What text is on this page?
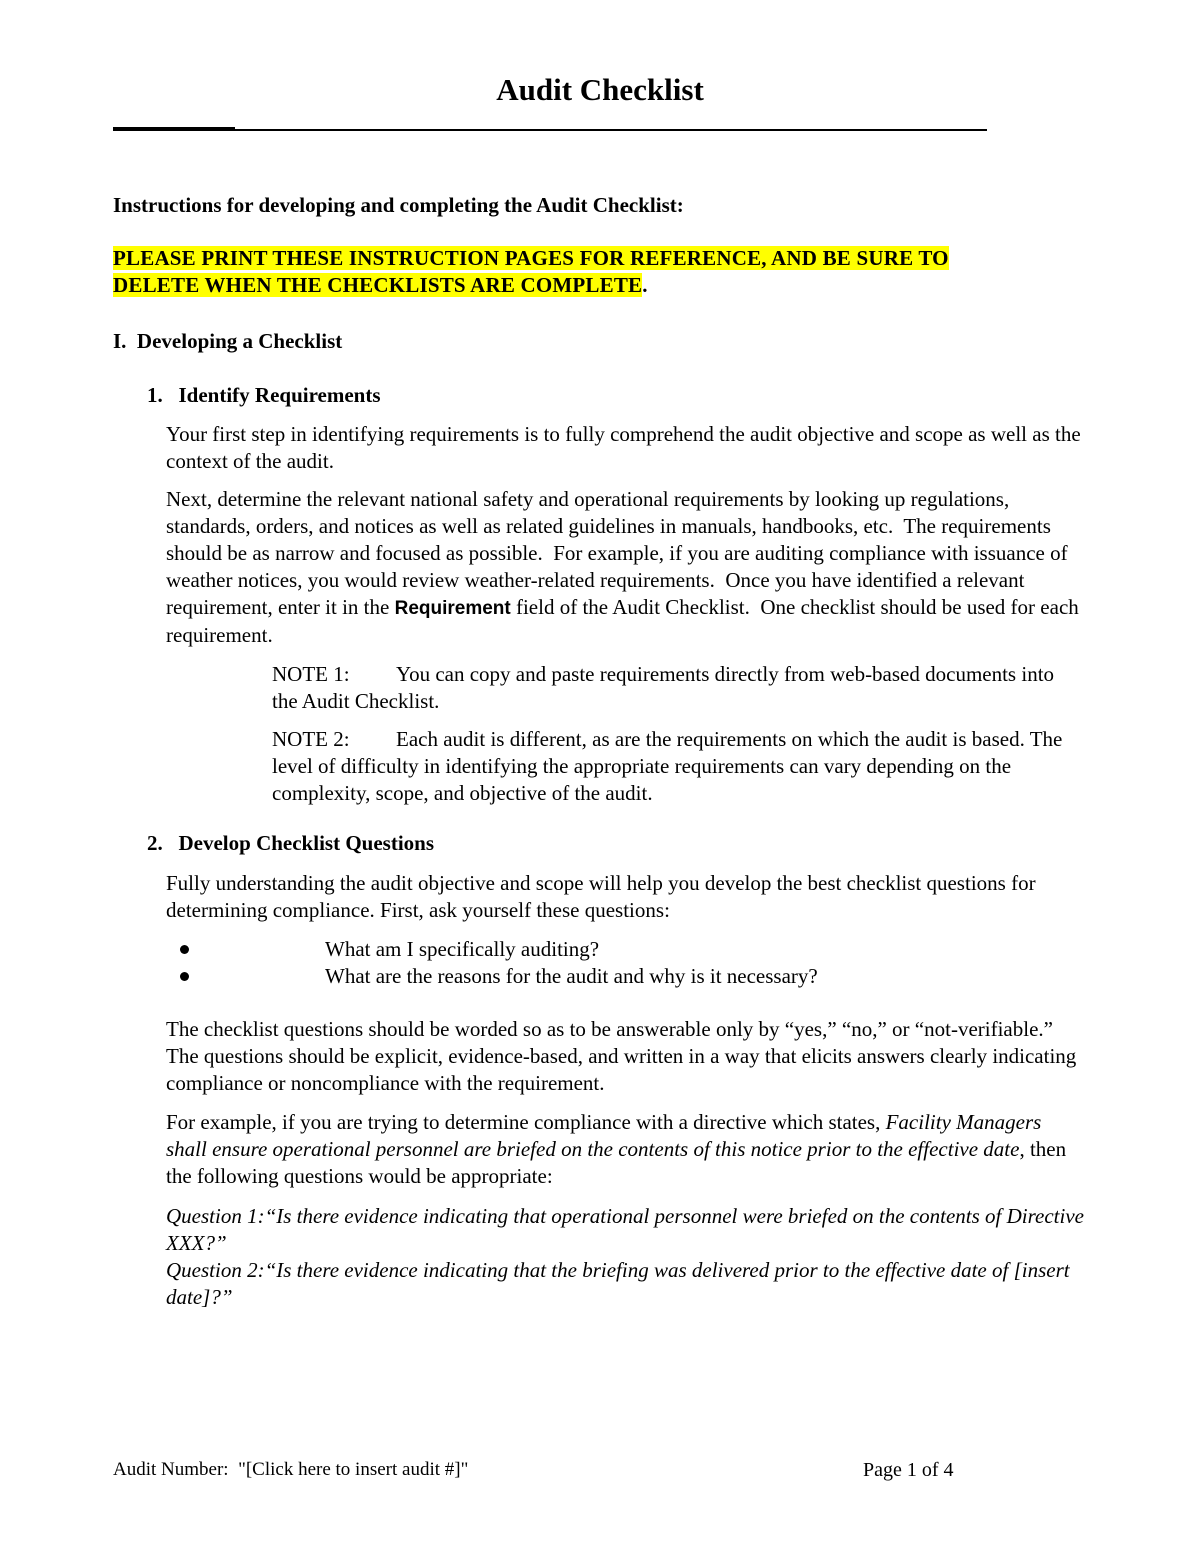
Audit Checklist

Instructions for developing and completing the Audit Checklist:

PLEASE PRINT THESE INSTRUCTION PAGES FOR REFERENCE, AND BE SURE TO
DELETE WHEN THE CHECKLISTS ARE COMPLETE.

I.  Developing a Checklist

1.   Identify Requirements

Your first step in identifying requirements is to fully comprehend the audit objective and scope as well as the context of the audit.

Next, determine the relevant national safety and operational requirements by looking up regulations, standards, orders, and notices as well as related guidelines in manuals, handbooks, etc.  The requirements should be as narrow and focused as possible.  For example, if you are auditing compliance with issuance of weather notices, you would review weather-related requirements.  Once you have identified a relevant requirement, enter it in the Requirement field of the Audit Checklist.  One checklist should be used for each requirement.

NOTE 1: You can copy and paste requirements directly from web-based documents into the Audit Checklist.

NOTE 2: Each audit is different, as are the requirements on which the audit is based. The level of difficulty in identifying the appropriate requirements can vary depending on the complexity, scope, and objective of the audit.

2.   Develop Checklist Questions

Fully understanding the audit objective and scope will help you develop the best checklist questions for determining compliance. First, ask yourself these questions:

What am I specifically auditing?
What are the reasons for the audit and why is it necessary?

The checklist questions should be worded so as to be answerable only by “yes,” “no,” or “not-verifiable.”  The questions should be explicit, evidence-based, and written in a way that elicits answers clearly indicating compliance or noncompliance with the requirement.

For example, if you are trying to determine compliance with a directive which states, Facility Managers shall ensure operational personnel are briefed on the contents of this notice prior to the effective date, then the following questions would be appropriate:

Question 1:“Is there evidence indicating that operational personnel were briefed on the contents of Directive XXX?”
Question 2:“Is there evidence indicating that the briefing was delivered prior to the effective date of [insert date]?”
Audit Number: "[Click here to insert audit #]"	Page 1 of 4
